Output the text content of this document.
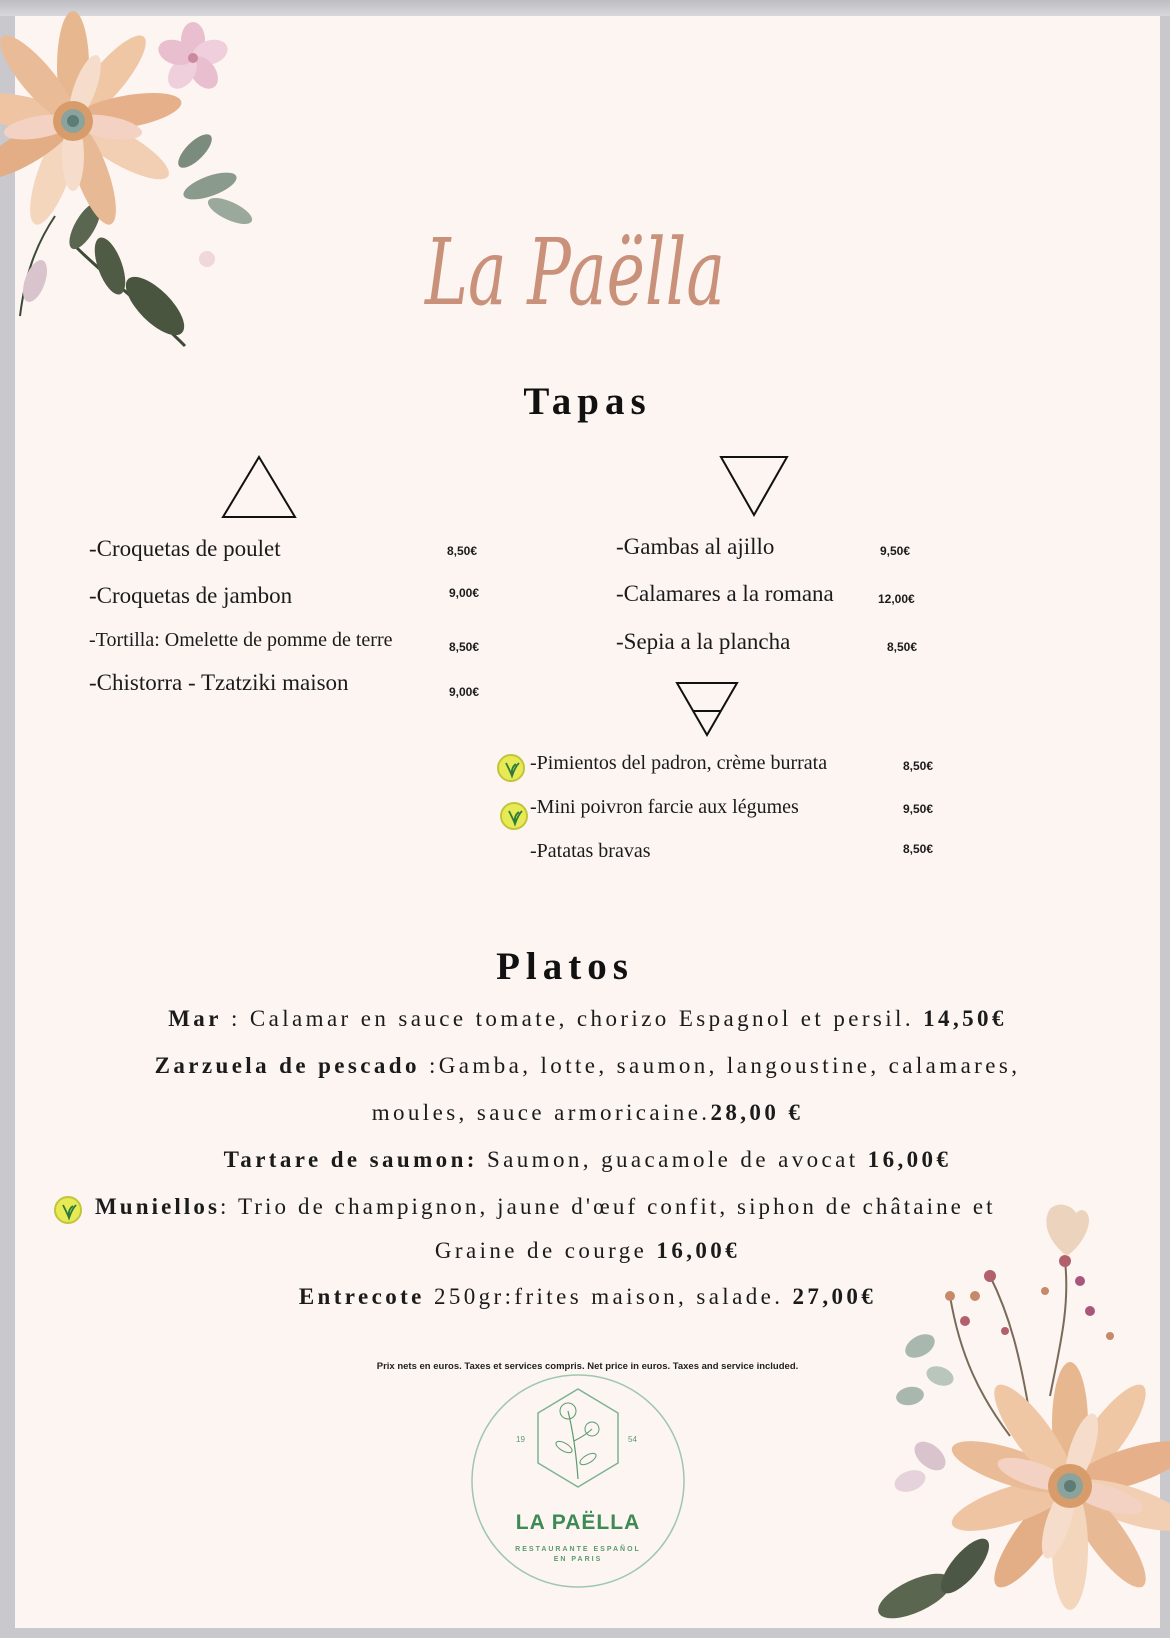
La Paëlla
Tapas
-Croquetas de poulet	8,50€
-Croquetas de jambon	9,00€
-Tortilla: Omelette de pomme de terre	8,50€
-Chistorra - Tzatziki maison	9,00€
-Gambas al ajillo	9,50€
-Calamares a la romana	12,00€
-Sepia a la plancha	8,50€
-Pimientos del padron, crème burrata	8,50€
-Mini poivron farcie aux légumes	9,50€
-Patatas bravas	8,50€
Platos
Mar : Calamar en sauce tomate, chorizo Espagnol et persil. 14,50€
Zarzuela de pescado :Gamba, lotte, saumon, langoustine, calamares,
moules, sauce armoricaine.28,00 €
Tartare de saumon: Saumon, guacamole de avocat 16,00€
Muniellos: Trio de champignon, jaune d'œuf confit, siphon de châtaine et
Graine de courge 16,00€
Entrecote 250gr:frites maison, salade. 27,00€
Prix nets en euros. Taxes et services compris. Net price in euros. Taxes and service included.
19	54
LA PAËLLA
RESTAURANTE ESPAÑOL
EN PARIS
